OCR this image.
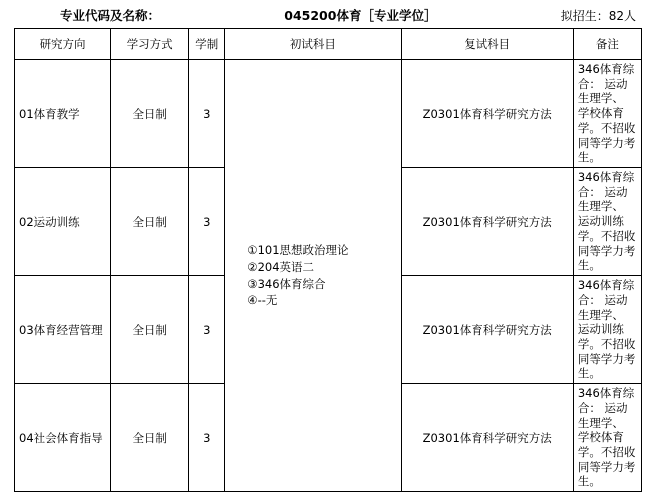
专业代码及名称：	045200体育［专业学位］	拟招生：82人
研究方向	学习方式	学制	初试科目	复试科目	备注
01体育教学	全日制	3	①101思想政治理论
②204英语二
③346体育综合
④--无	Z0301体育科学研究方法	346体育综合： 运动生理学、 学校体育学。不招收同等学力考生。
02运动训练	全日制	3		Z0301体育科学研究方法	346体育综合： 运动生理学、 运动训练学。不招收同等学力考生。
03体育经营管理	全日制	3		Z0301体育科学研究方法	346体育综合： 运动生理学、 运动训练学。不招收同等学力考生。
04社会体育指导	全日制	3		Z0301体育科学研究方法	346体育综合： 运动生理学、 学校体育学。不招收同等学力考生。
